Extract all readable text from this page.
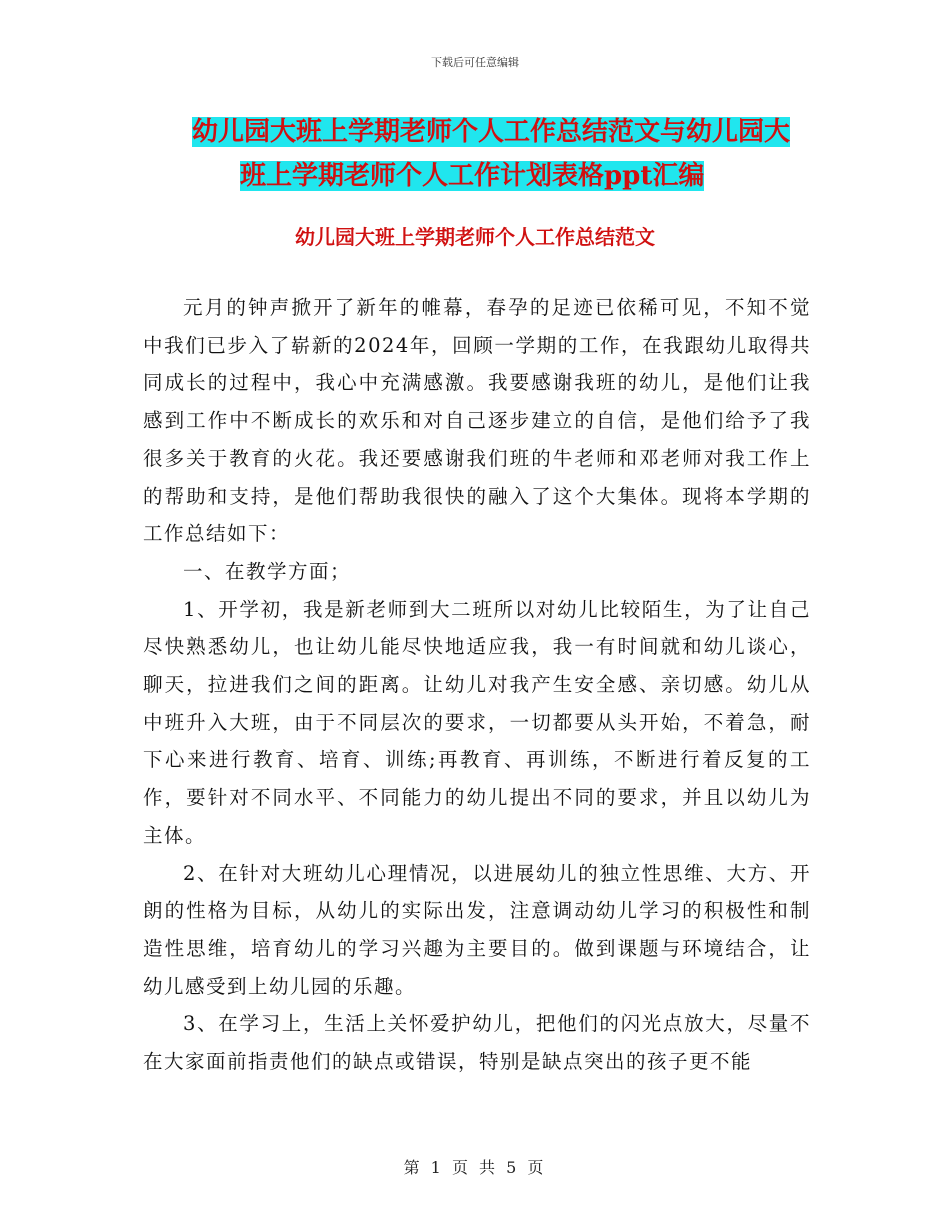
下载后可任意编辑
幼儿园大班上学期老师个人工作总结范文与幼儿园大
班上学期老师个人工作计划表格ppt汇编
幼儿园大班上学期老师个人工作总结范文

元月的钟声掀开了新年的帷幕，春孕的足迹已依稀可见，不知不觉中我们已步入了崭新的2024年，回顾一学期的工作，在我跟幼儿取得共同成长的过程中，我心中充满感激。我要感谢我班的幼儿，是他们让我感到工作中不断成长的欢乐和对自己逐步建立的自信，是他们给予了我很多关于教育的火花。我还要感谢我们班的牛老师和邓老师对我工作上的帮助和支持，是他们帮助我很快的融入了这个大集体。现将本学期的工作总结如下：

一、在教学方面；

1、开学初，我是新老师到大二班所以对幼儿比较陌生，为了让自己尽快熟悉幼儿，也让幼儿能尽快地适应我，我一有时间就和幼儿谈心，聊天，拉进我们之间的距离。让幼儿对我产生安全感、亲切感。幼儿从中班升入大班，由于不同层次的要求，一切都要从头开始，不着急，耐下心来进行教育、培育、训练;再教育、再训练，不断进行着反复的工作，要针对不同水平、不同能力的幼儿提出不同的要求，并且以幼儿为主体。

2、在针对大班幼儿心理情况，以进展幼儿的独立性思维、大方、开朗的性格为目标，从幼儿的实际出发，注意调动幼儿学习的积极性和制造性思维，培育幼儿的学习兴趣为主要目的。做到课题与环境结合，让幼儿感受到上幼儿园的乐趣。

3、在学习上，生活上关怀爱护幼儿，把他们的闪光点放大，尽量不在大家面前指责他们的缺点或错误，特别是缺点突出的孩子更不能

第 1 页 共 5 页
